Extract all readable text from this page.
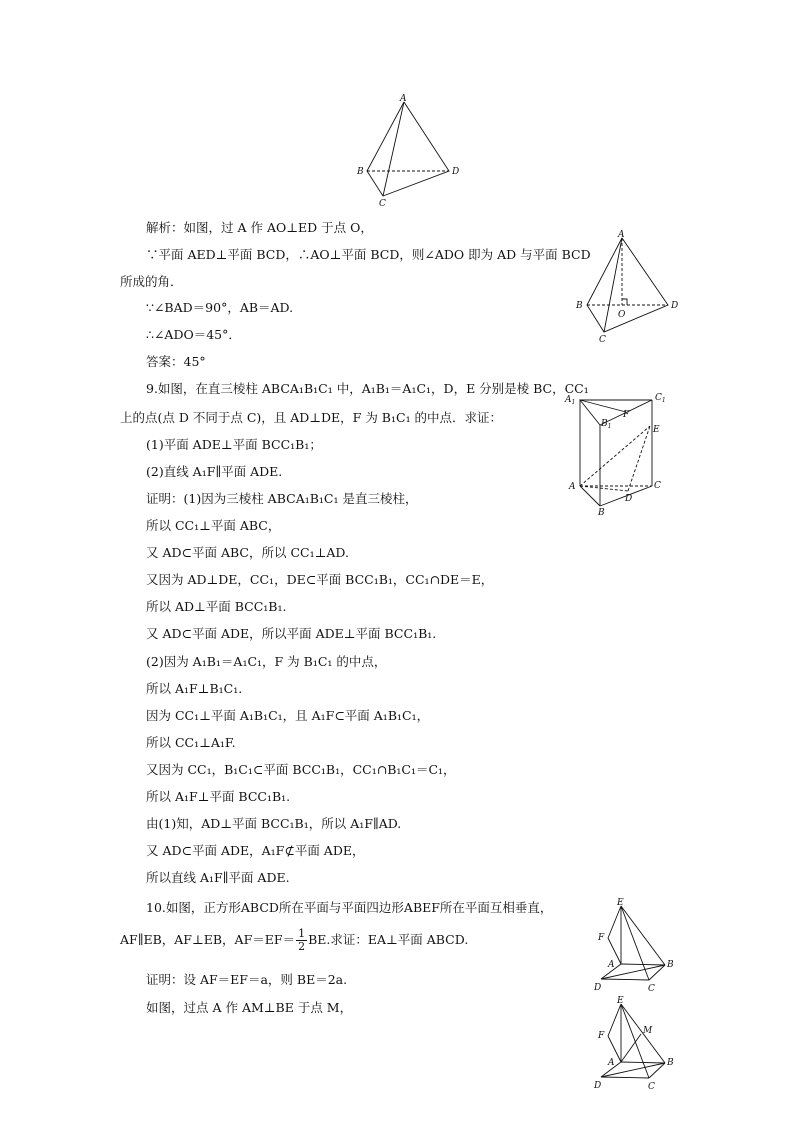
A
B
C
D
A
B
C
D
O
$A_1$
$B_1$
$C_1$
F
E
A	C
D
B
E
F
A	B
D	C
E
F	M
A	B
D	C
解析：如图，过 A 作 AO⊥ED 于点 O，
∵平面 AED⊥平面 BCD，∴AO⊥平面 BCD，则∠ADO 即为 AD 与平面 BCD
所成的角．
∵∠BAD＝90°，AB＝AD.
∴∠ADO＝45°．
答案：45°
9.如图，在直三棱柱 ABCA₁B₁C₁ 中，A₁B₁＝A₁C₁，D，E 分别是棱 BC，CC₁
上的点(点 D 不同于点 C)，且 AD⊥DE，F 为 B₁C₁ 的中点．求证：
(1)平面 ADE⊥平面 BCC₁B₁；
(2)直线 A₁F∥平面 ADE.
证明：(1)因为三棱柱 ABCA₁B₁C₁ 是直三棱柱，
所以 CC₁⊥平面 ABC，
又 AD⊂平面 ABC，所以 CC₁⊥AD.
又因为 AD⊥DE，CC₁，DE⊂平面 BCC₁B₁，CC₁∩DE＝E，
所以 AD⊥平面 BCC₁B₁.
又 AD⊂平面 ADE，所以平面 ADE⊥平面 BCC₁B₁.
(2)因为 A₁B₁＝A₁C₁，F 为 B₁C₁ 的中点，
所以 A₁F⊥B₁C₁.
因为 CC₁⊥平面 A₁B₁C₁，且 A₁F⊂平面 A₁B₁C₁，
所以 CC₁⊥A₁F.
又因为 CC₁，B₁C₁⊂平面 BCC₁B₁，CC₁∩B₁C₁＝C₁，
所以 A₁F⊥平面 BCC₁B₁.
由(1)知，AD⊥平面 BCC₁B₁，所以 A₁F∥AD.
又 AD⊂平面 ADE，A₁F⊄平面 ADE，
所以直线 A₁F∥平面 ADE.
10.如图，正方形ABCD所在平面与平面四边形ABEF所在平面互相垂直，
AF∥EB，AF⊥EB，$AF=EF= \frac{1}{2}$ BE.求证：EA⊥平面 ABCD.
证明：设 AF＝EF＝a，则 BE＝2a.
如图，过点 A 作 AM⊥BE 于点 M，
